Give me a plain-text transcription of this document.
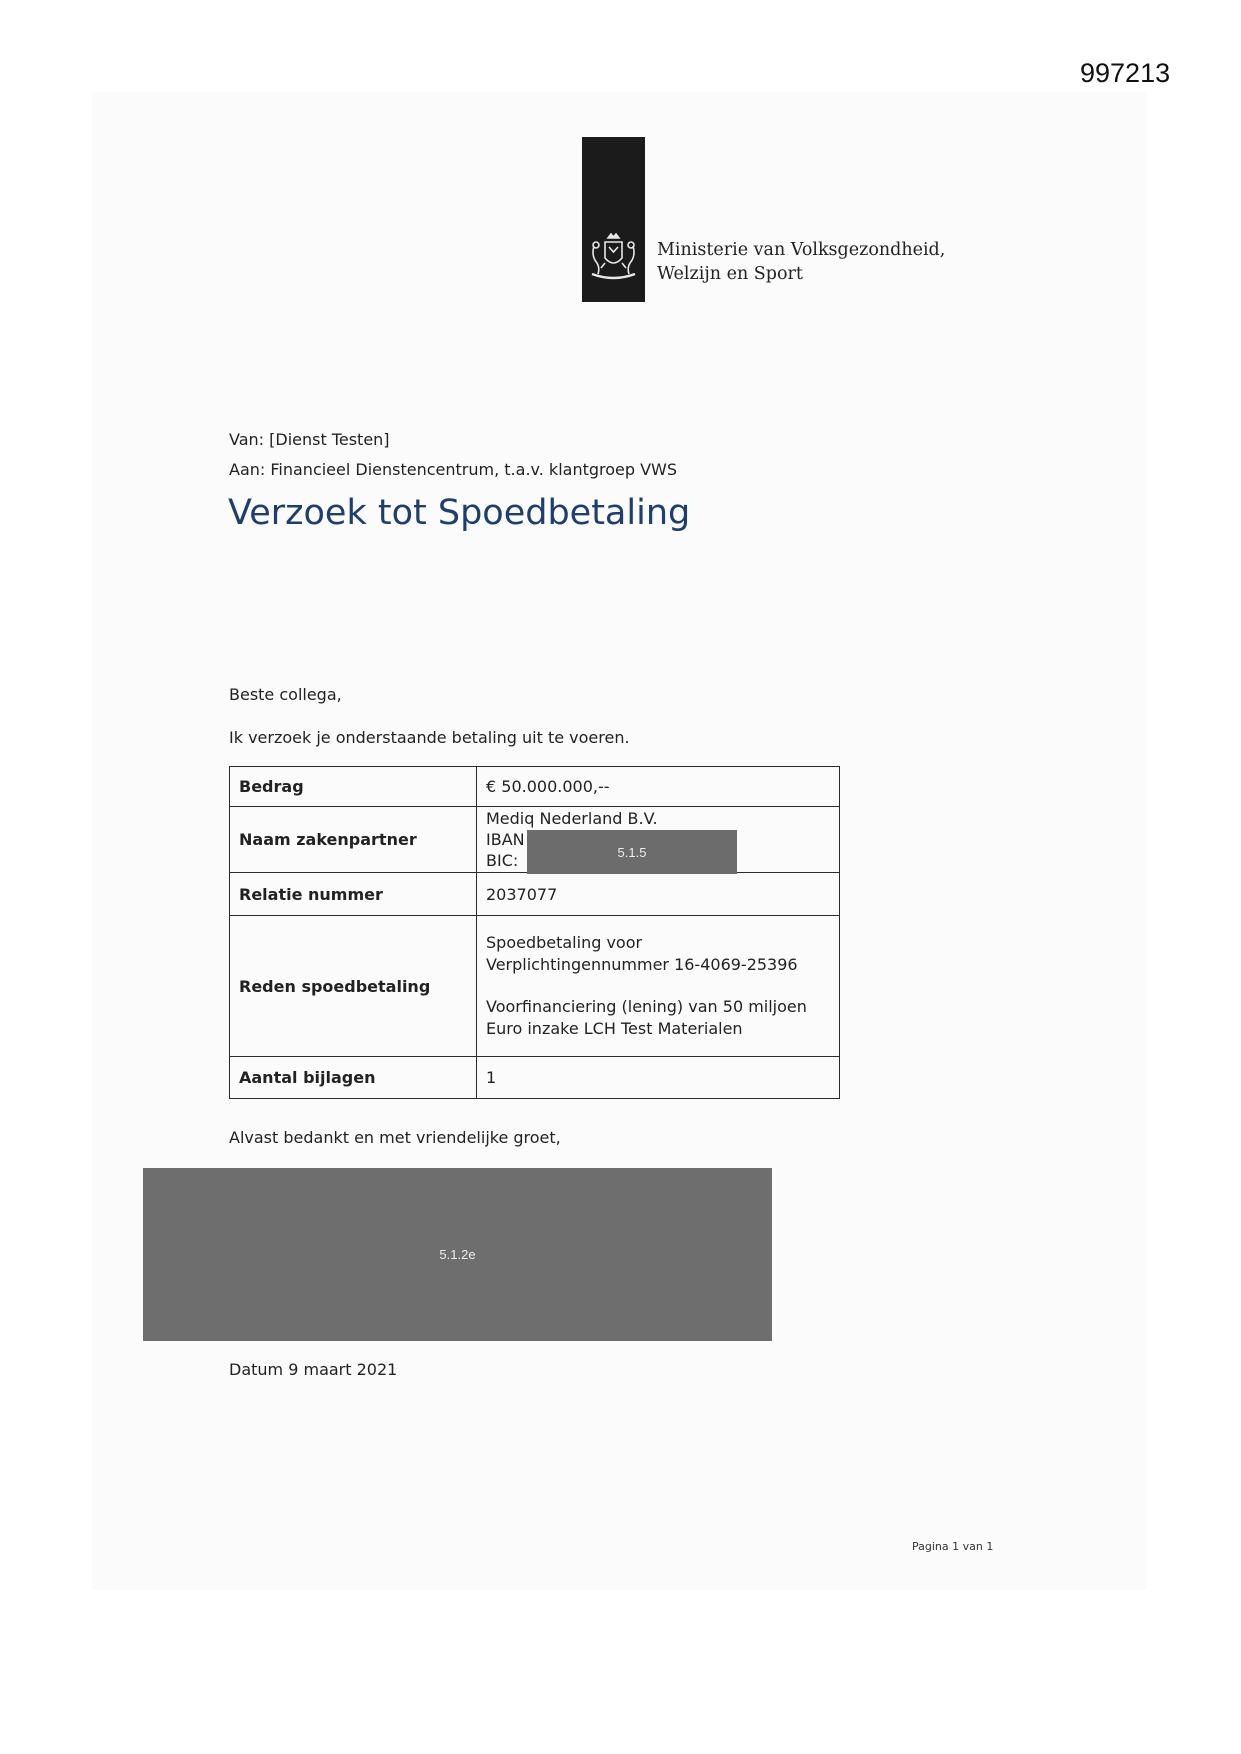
997213
Ministerie van Volksgezondheid,
Welzijn en Sport
Van: [Dienst Testen]
Aan: Financieel Dienstencentrum, t.a.v. klantgroep VWS
Verzoek tot Spoedbetaling
Beste collega,
Ik verzoek je onderstaande betaling uit te voeren.
Bedrag	€ 50.000.000,--
Naam zakenpartner	Mediq Nederland B.V.
IBAN
BIC:

Relatie nummer	2037077
Reden spoedbetaling	Spoedbetaling voor

Verplichtingennummer 16-4069-25396

Voorfinanciering (lening) van 50 miljoen

Euro inzake LCH Test Materialen

Aantal bijlagen	1
5.1.5
Alvast bedankt en met vriendelijke groet,
5.1.2e
Datum 9 maart 2021
Pagina 1 van 1
